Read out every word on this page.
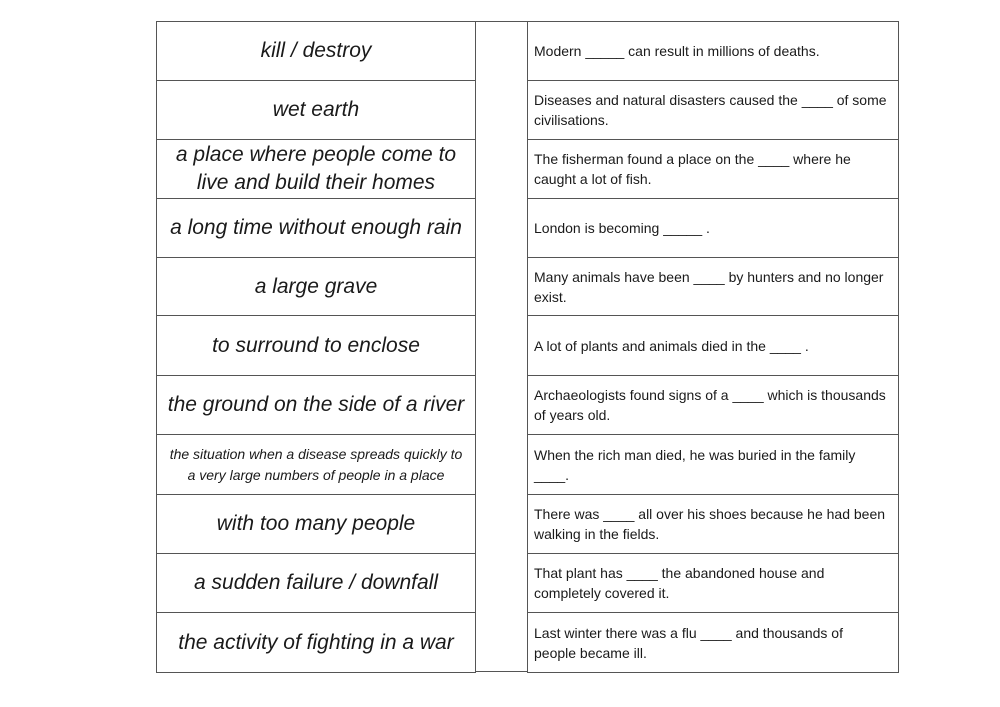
kill / destroy
wet earth
a place where people come to live and build their homes
a long time without enough rain
a large grave
to surround to enclose
the ground on the side of a river
the situation when a disease spreads quickly to a very large numbers of people in a place
with too many people
a sudden failure / downfall
the activity of fighting in a war
Modern _____ can result in millions of deaths.
Diseases and natural disasters caused the ____ of some civilisations.
The fisherman found a place on the ____ where he caught a lot of fish.
London is becoming _____ .
Many animals have been ____ by hunters and no longer exist.
A lot of plants and animals died in the ____ .
Archaeologists found signs of a ____ which is thousands of years old.
When the rich man died, he was buried in the family ____.
There was ____ all over his shoes because he had been walking in the fields.
That plant has ____ the abandoned house and completely covered it.
Last winter there was a flu ____ and thousands of people became ill.
